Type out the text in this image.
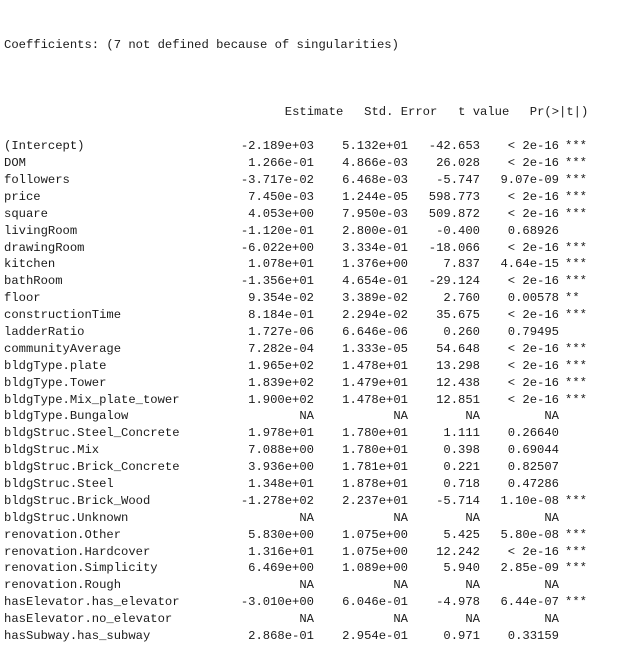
Coefficients: (7 not defined because of singularities)

Estimate Std. Error t value Pr(>|t|)

(Intercept)	-2.189e+03 5.132e+01 -42.653 < 2e-16 ***
DOM	1.266e-01 4.866e-03 26.028 < 2e-16 ***
followers	-3.717e-02 6.468e-03 -5.747 9.07e-09 ***
price	7.450e-03 1.244e-05 598.773 < 2e-16 ***
square	4.053e+00 7.950e-03 509.872 < 2e-16 ***
livingRoom	-1.120e-01 2.800e-01 -0.400 0.68926
drawingRoom	-6.022e+00 3.334e-01 -18.066 < 2e-16 ***
kitchen	1.078e+01 1.376e+00	7.837 4.64e-15 ***
bathRoom	-1.356e+01 4.654e-01 -29.124 < 2e-16 ***
floor	9.354e-02 3.389e-02	2.760 0.00578 **
constructionTime	8.184e-01 2.294e-02 35.675 < 2e-16 ***
ladderRatio	1.727e-06 6.646e-06	0.260 0.79495
communityAverage	7.282e-04 1.333e-05 54.648 < 2e-16 ***
bldgType.plate	1.965e+02 1.478e+01 13.298 < 2e-16 ***
bldgType.Tower	1.839e+02 1.479e+01 12.438 < 2e-16 ***
bldgType.Mix_plate_tower	1.900e+02 1.478e+01 12.851 < 2e-16 ***
bldgType.Bungalow	NA	NA	NA	NA
bldgStruc.Steel_Concrete	1.978e+01 1.780e+01	1.111 0.26640
bldgStruc.Mix	7.088e+00 1.780e+01	0.398 0.69044
bldgStruc.Brick_Concrete	3.936e+00 1.781e+01	0.221 0.82507
bldgStruc.Steel	1.348e+01 1.878e+01	0.718 0.47286
bldgStruc.Brick_Wood	-1.278e+02 2.237e+01 -5.714 1.10e-08 ***
bldgStruc.Unknown	NA	NA	NA	NA
renovation.Other	5.830e+00 1.075e+00	5.425 5.80e-08 ***
renovation.Hardcover	1.316e+01 1.075e+00 12.242 < 2e-16 ***
renovation.Simplicity	6.469e+00 1.089e+00	5.940 2.85e-09 ***
renovation.Rough	NA	NA	NA	NA
hasElevator.has_elevator	-3.010e+00 6.046e-01 -4.978 6.44e-07 ***
hasElevator.no_elevator	NA	NA	NA	NA
hasSubway.has_subway	2.868e-01 2.954e-01	0.971 0.33159
